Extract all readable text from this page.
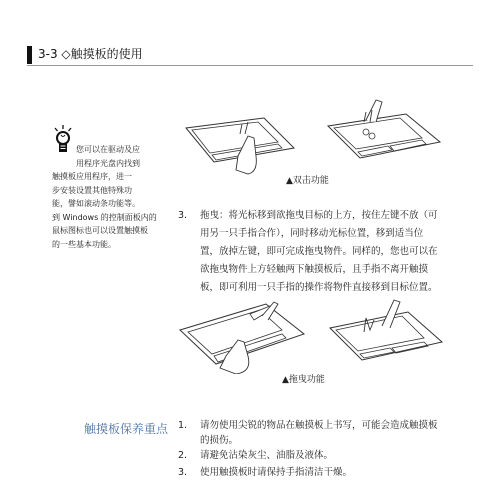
3-3 ◇触摸板的使用
您可以在驱动及应
用程序光盘内找到
触摸板应用程序，进一
步安装设置其他特殊功
能，譬如滚动条功能等。
到 Windows 的控制面板内的
鼠标图标也可以设置触摸板
的一些基本功能。
▲双击功能
3. 拖曳：将光标移到欲拖曳目标的上方，按住左键不放（可
用另一只手指合作），同时移动光标位置，移到适当位
置，放掉左键，即可完成拖曳物件。同样的，您也可以在
欲拖曳物件上方轻触两下触摸板后，且手指不离开触摸
板，即可利用一只手指的操作将物件直接移到目标位置。
▲拖曳功能
触摸板保养重点 1. 请勿使用尖锐的物品在触摸板上书写，可能会造成触摸板
的损伤。
2. 请避免沾染灰尘、油脂及液体。
3. 使用触摸板时请保持手指清洁干燥。
